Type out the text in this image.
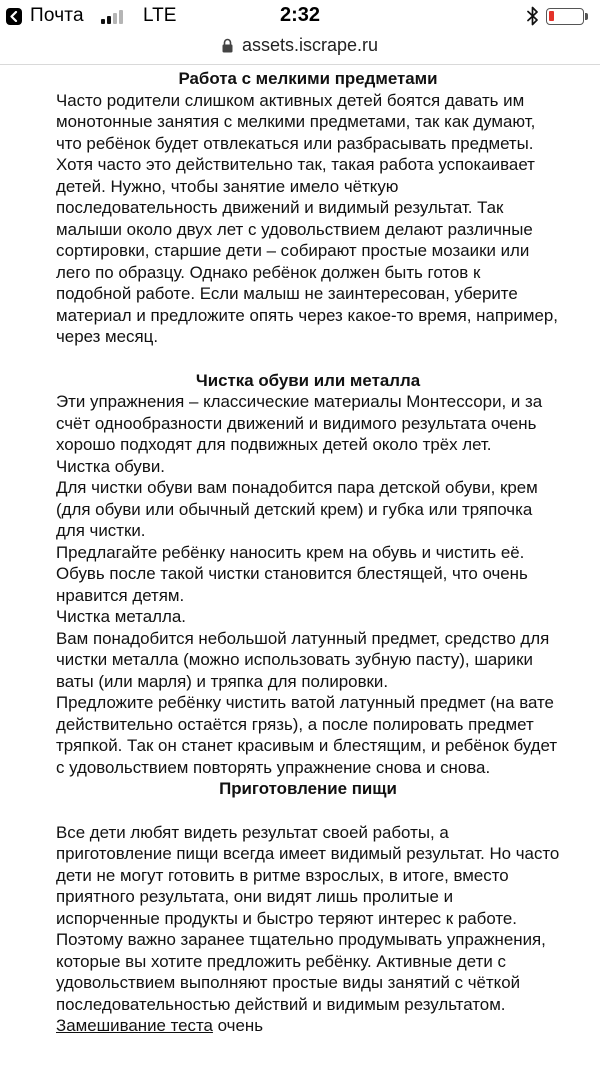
Почта	LTE	2:32
assets.iscrape.ru
Работа с мелкими предметами

Часто родители слишком активных детей боятся давать им монотонные занятия с мелкими предметами, так как думают, что ребёнок будет отвлекаться или разбрасывать предметы. Хотя часто это действительно так, такая работа успокаивает детей. Нужно, чтобы занятие имело чёткую последовательность движений и видимый результат. Так малыши около двух лет с удовольствием делают различные сортировки, старшие дети – собирают простые мозаики или лего по образцу. Однако ребёнок должен быть готов к подобной работе. Если малыш не заинтересован, уберите материал и предложите опять через какое-то время, например, через месяц.

Чистка обуви или металла

Эти упражнения – классические материалы Монтессори, и за счёт однообразности движений и видимого результата очень хорошо подходят для подвижных детей около трёх лет.

Чистка обуви.

Для чистки обуви вам понадобится пара детской обуви, крем (для обуви или обычный детский крем) и губка или тряпочка для чистки.

Предлагайте ребёнку наносить крем на обувь и чистить её. Обувь после такой чистки становится блестящей, что очень нравится детям.

Чистка металла.

Вам понадобится небольшой латунный предмет, средство для чистки металла (можно использовать зубную пасту), шарики ваты (или марля) и тряпка для полировки.

Предложите ребёнку чистить ватой латунный предмет (на вате действительно остаётся грязь), а после полировать предмет тряпкой. Так он станет красивым и блестящим, и ребёнок будет с удовольствием повторять упражнение снова и снова.

Приготовление пищи

Все дети любят видеть результат своей работы, а приготовление пищи всегда имеет видимый результат. Но часто дети не могут готовить в ритме взрослых, в итоге, вместо приятного результата, они видят лишь пролитые и испорченные продукты и быстро теряют интерес к работе. Поэтому важно заранее тщательно продумывать упражнения, которые вы хотите предложить ребёнку. Активные дети с удовольствием выполняют простые виды занятий с чёткой последовательностью действий и видимым результатом. Замешивание теста очень
